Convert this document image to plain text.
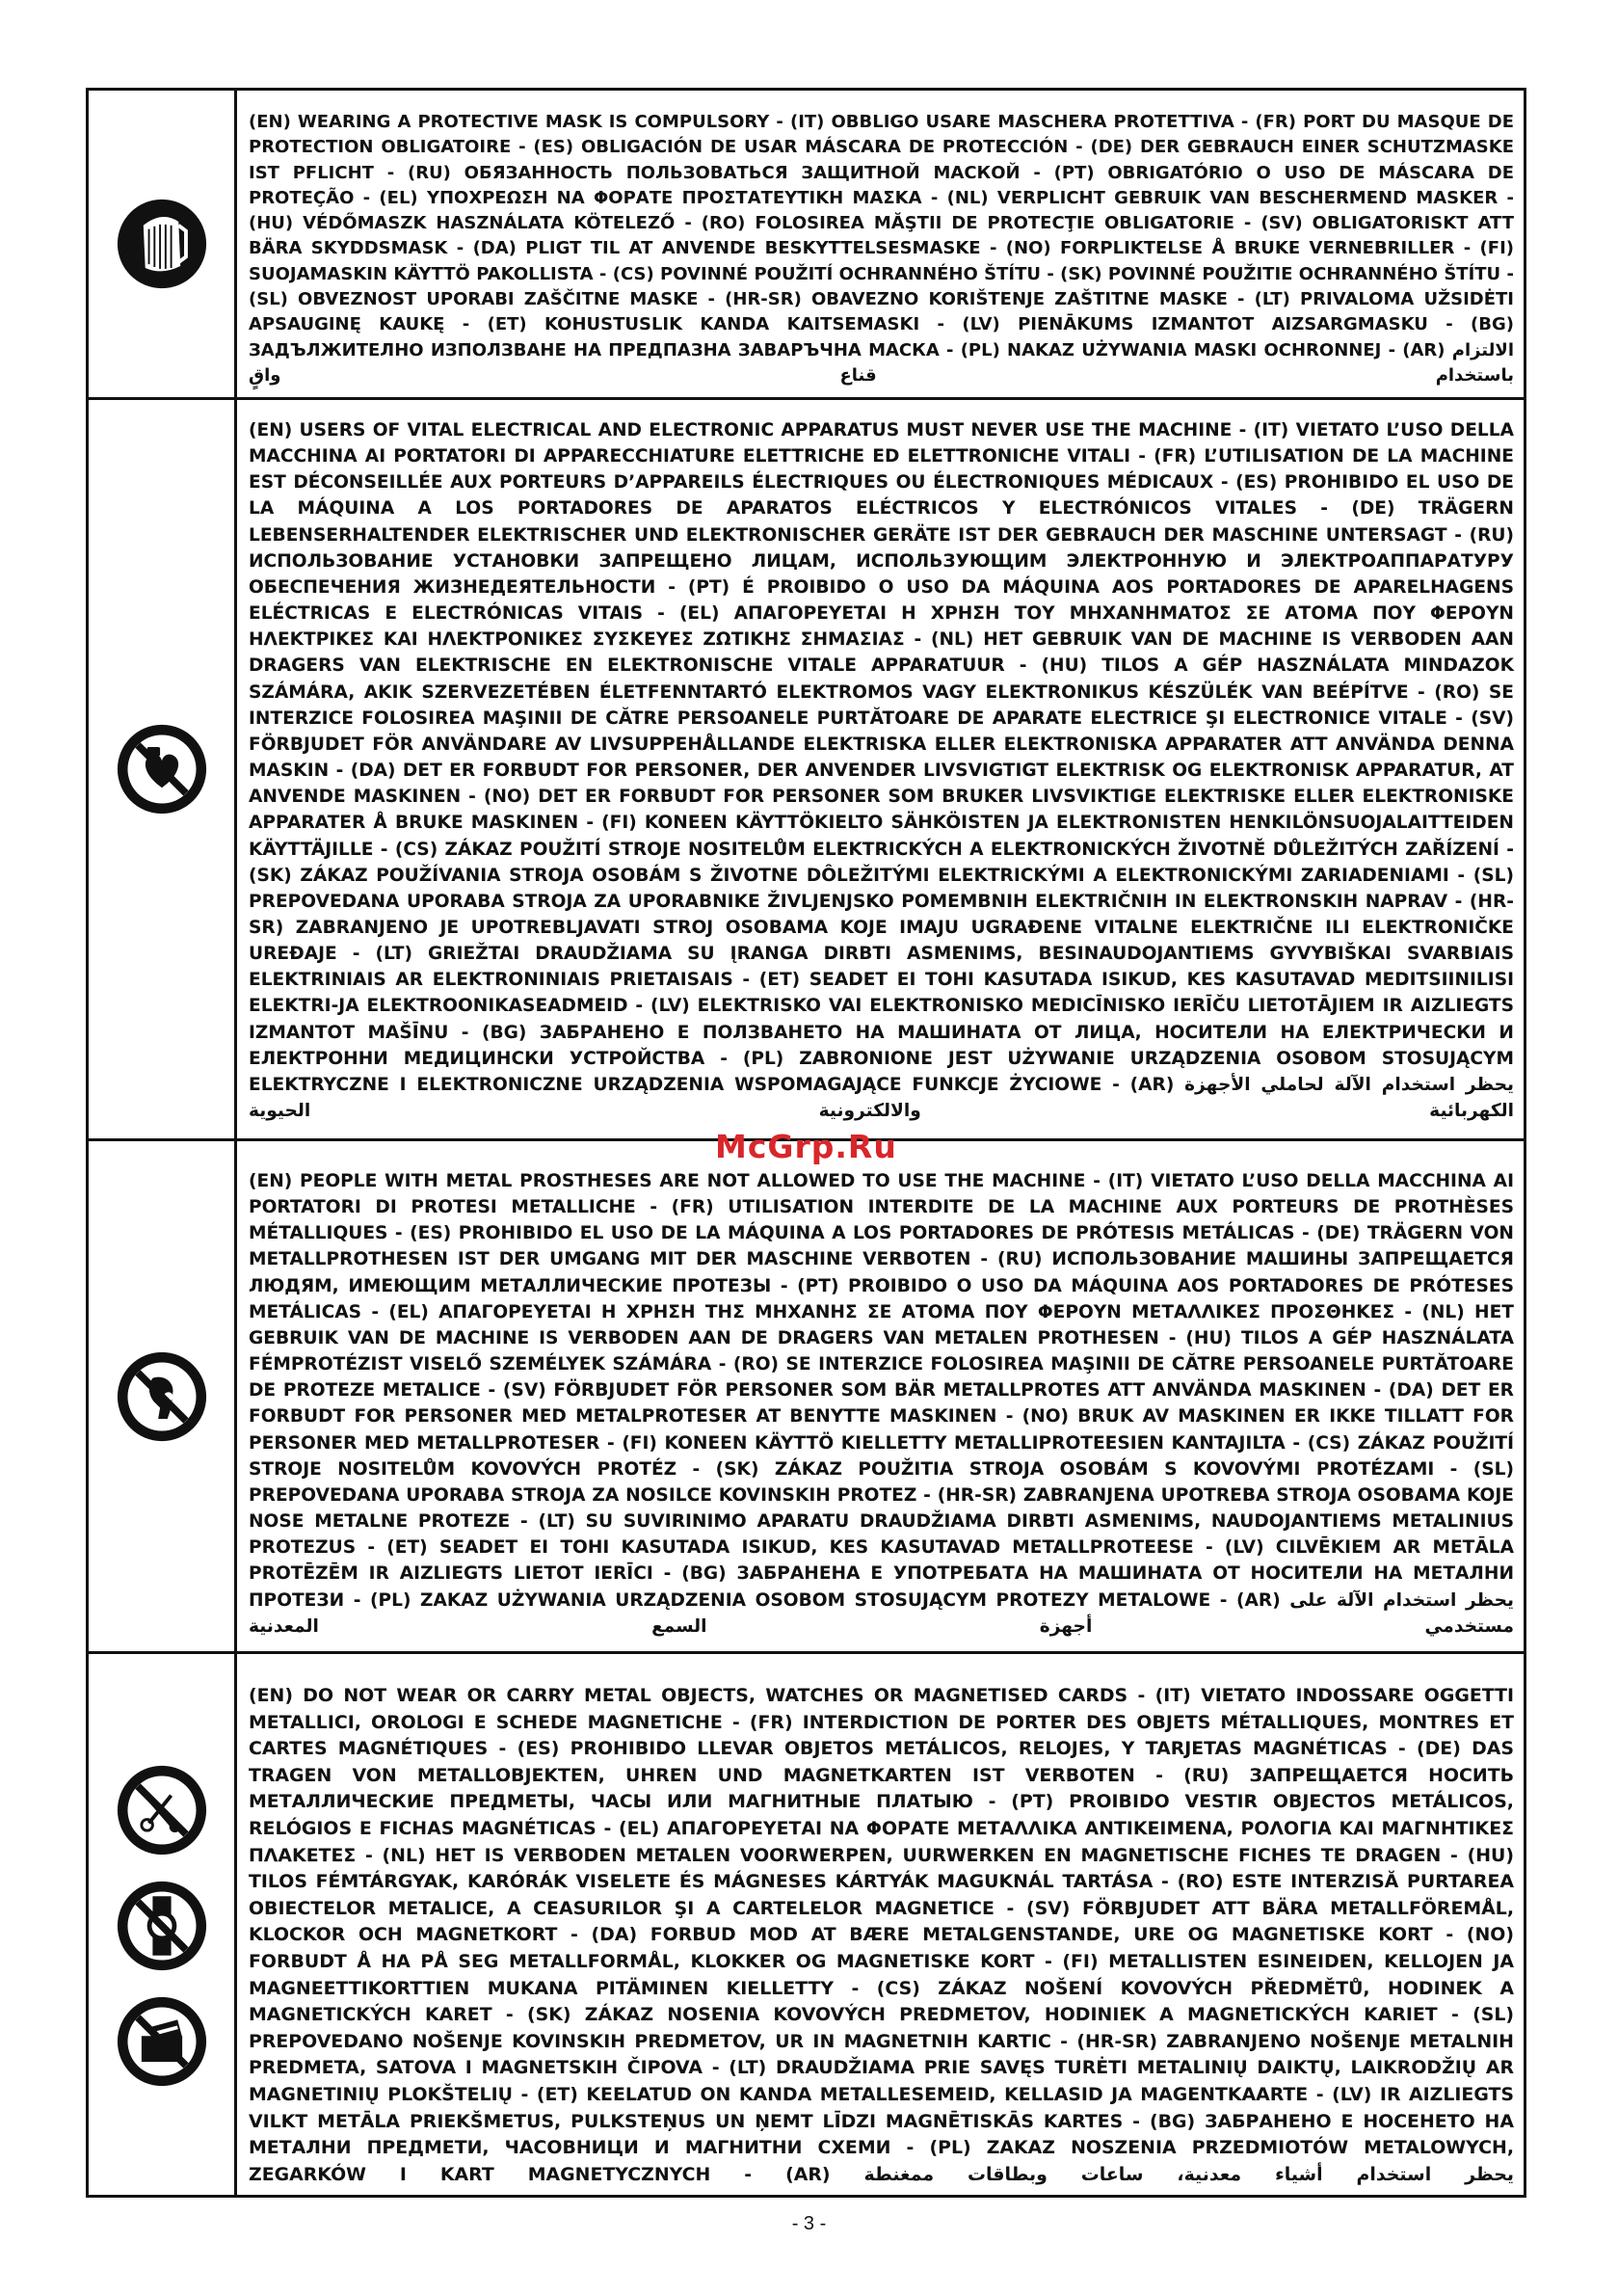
(EN) WEARING A PROTECTIVE MASK IS COMPULSORY - (IT) OBBLIGO USARE MASCHERA PROTETTIVA - (FR) PORT DU MASQUE DE PROTECTION OBLIGATOIRE - (ES) OBLIGACIÓN DE USAR MÁSCARA DE PROTECCIÓN - (DE) DER GEBRAUCH EINER SCHUTZMASKE IST PFLICHT - (RU) ОБЯЗАННОСТЬ ПОЛЬЗОВАТЬСЯ ЗАЩИТНОЙ МАСКОЙ - (PT) OBRIGATÓRIO O USO DE MÁSCARA DE PROTEÇÃO - (EL) ΥΠΟΧΡΕΩΣΗ ΝΑ ΦΟΡΑΤΕ ΠΡΟΣΤΑΤΕΥΤΙΚΗ ΜΑΣΚΑ - (NL) VERPLICHT GEBRUIK VAN BESCHERMEND MASKER - (HU) VÉDŐMASZK HASZNÁLATA KÖTELEZŐ - (RO) FOLOSIREA MĂŞTII DE PROTECŢIE OBLIGATORIE - (SV) OBLIGATORISKT ATT BÄRA SKYDDSMASK - (DA) PLIGT TIL AT ANVENDE BESKYTTELSESMASKE - (NO) FORPLIKTELSE Å BRUKE VERNEBRILLER - (FI) SUOJAMASKIN KÄYTTÖ PAKOLLISTA - (CS) POVINNÉ POUŽITÍ OCHRANNÉHO ŠTÍTU - (SK) POVINNÉ POUŽITIE OCHRANNÉHO ŠTÍTU - (SL) OBVEZNOST UPORABI ZAŠČITNE MASKE - (HR-SR) OBAVEZNO KORIŠTENJE ZAŠTITNE MASKE - (LT) PRIVALOMA UŽSIDĖTI APSAUGINĘ KAUKĘ - (ET) KOHUSTUSLIK KANDA KAITSEMASKI - (LV) PIENĀKUMS IZMANTOT AIZSARGMASKU - (BG) ЗАДЪЛЖИТЕЛНО ИЗПОЛЗВАНЕ НА ПРЕДПАЗНА ЗАВАРЪЧНА МАСКА - (PL) NAKAZ UŻYWANIA MASKI OCHRONNEJ - (AR) الالتزام باستخدام قناع واقٍ

(EN) USERS OF VITAL ELECTRICAL AND ELECTRONIC APPARATUS MUST NEVER USE THE MACHINE - (IT) VIETATO L’USO DELLA MACCHINA AI PORTATORI DI APPARECCHIATURE ELETTRICHE ED ELETTRONICHE VITALI - (FR) L’UTILISATION DE LA MACHINE EST DÉCONSEILLÉE AUX PORTEURS D’APPAREILS ÉLECTRIQUES OU ÉLECTRONIQUES MÉDICAUX - (ES) PROHIBIDO EL USO DE LA MÁQUINA A LOS PORTADORES DE APARATOS ELÉCTRICOS Y ELECTRÓNICOS VITALES - (DE) TRÄGERN LEBENSERHALTENDER ELEKTRISCHER UND ELEKTRONISCHER GERÄTE IST DER GEBRAUCH DER MASCHINE UNTERSAGT - (RU) ИСПОЛЬЗОВАНИЕ УСТАНОВКИ ЗАПРЕЩЕНО ЛИЦАМ, ИСПОЛЬЗУЮЩИМ ЭЛЕКТРОННУЮ И ЭЛЕКТРОАППАРАТУРУ ОБЕСПЕЧЕНИЯ ЖИЗНЕДЕЯТЕЛЬНОСТИ - (PT) É PROIBIDO O USO DA MÁQUINA AOS PORTADORES DE APARELHAGENS ELÉCTRICAS E ELECTRÓNICAS VITAIS - (EL) ΑΠΑΓΟΡΕΥΕΤΑΙ Η ΧΡΗΣΗ ΤΟΥ ΜΗΧΑΝΗΜΑΤΟΣ ΣΕ ΑΤΟΜΑ ΠΟΥ ΦΕΡΟΥΝ ΗΛΕΚΤΡΙΚΕΣ ΚΑΙ ΗΛΕΚΤΡΟΝΙΚΕΣ ΣΥΣΚΕΥΕΣ ΖΩΤΙΚΗΣ ΣΗΜΑΣΙΑΣ - (NL) HET GEBRUIK VAN DE MACHINE IS VERBODEN AAN DRAGERS VAN ELEKTRISCHE EN ELEKTRONISCHE VITALE APPARATUUR - (HU) TILOS A GÉP HASZNÁLATA MINDAZOK SZÁMÁRA, AKIK SZERVEZETÉBEN ÉLETFENNTARTÓ ELEKTROMOS VAGY ELEKTRONIKUS KÉSZÜLÉK VAN BEÉPÍTVE - (RO) SE INTERZICE FOLOSIREA MAŞINII DE CĂTRE PERSOANELE PURTĂTOARE DE APARATE ELECTRICE ŞI ELECTRONICE VITALE - (SV) FÖRBJUDET FÖR ANVÄNDARE AV LIVSUPPEHÅLLANDE ELEKTRISKA ELLER ELEKTRONISKA APPARATER ATT ANVÄNDA DENNA MASKIN - (DA) DET ER FORBUDT FOR PERSONER, DER ANVENDER LIVSVIGTIGT ELEKTRISK OG ELEKTRONISK APPARATUR, AT ANVENDE MASKINEN - (NO) DET ER FORBUDT FOR PERSONER SOM BRUKER LIVSVIKTIGE ELEKTRISKE ELLER ELEKTRONISKE APPARATER Å BRUKE MASKINEN - (FI) KONEEN KÄYTTÖKIELTO SÄHKÖISTEN JA ELEKTRONISTEN HENKILÖNSUOJALAITTEIDEN KÄYTTÄJILLE - (CS) ZÁKAZ POUŽITÍ STROJE NOSITELŮM ELEKTRICKÝCH A ELEKTRONICKÝCH ŽIVOTNĚ DŮLEŽITÝCH ZAŘÍZENÍ - (SK) ZÁKAZ POUŽÍVANIA STROJA OSOBÁM S ŽIVOTNE DÔLEŽITÝMI ELEKTRICKÝMI A ELEKTRONICKÝMI ZARIADENIAMI - (SL) PREPOVEDANA UPORABA STROJA ZA UPORABNIKE ŽIVLJENJSKO POMEMBNIH ELEKTRIČNIH IN ELEKTRONSKIH NAPRAV - (HR-SR) ZABRANJENO JE UPOTREBLJAVATI STROJ OSOBAMA KOJE IMAJU UGRAĐENE VITALNE ELEKTRIČNE ILI ELEKTRONIČKE UREĐAJE - (LT) GRIEŽTAI DRAUDŽIAMA SU ĮRANGA DIRBTI ASMENIMS, BESINAUDOJANTIEMS GYVYBIŠKAI SVARBIAIS ELEKTRINIAIS AR ELEKTRONINIAIS PRIETAISAIS - (ET) SEADET EI TOHI KASUTADA ISIKUD, KES KASUTAVAD MEDITSIINILISI ELEKTRI-JA ELEKTROONIKASEADMEID - (LV) ELEKTRISKO VAI ELEKTRONISKO MEDICĪNISKO IERĪČU LIETOTĀJIEM IR AIZLIEGTS IZMANTOT MAŠĪNU - (BG) ЗАБРАНЕНО Е ПОЛЗВАНЕТО НА МАШИНАТА ОТ ЛИЦА, НОСИТЕЛИ НА ЕЛЕКТРИЧЕСКИ И ЕЛЕКТРОННИ МЕДИЦИНСКИ УСТРОЙСТВА - (PL) ZABRONIONE JEST UŻYWANIE URZĄDZENIA OSOBOM STOSUJĄCYM ELEKTRYCZNE I ELEKTRONICZNE URZĄDZENIA WSPOMAGAJĄCE FUNKCJE ŻYCIOWE - (AR) يحظر استخدام الآلة لحاملي الأجهزة الكهربائية والالكترونية الحيوية

(EN) PEOPLE WITH METAL PROSTHESES ARE NOT ALLOWED TO USE THE MACHINE - (IT) VIETATO L’USO DELLA MACCHINA AI PORTATORI DI PROTESI METALLICHE - (FR) UTILISATION INTERDITE DE LA MACHINE AUX PORTEURS DE PROTHÈSES MÉTALLIQUES - (ES) PROHIBIDO EL USO DE LA MÁQUINA A LOS PORTADORES DE PRÓTESIS METÁLICAS - (DE) TRÄGERN VON METALLPROTHESEN IST DER UMGANG MIT DER MASCHINE VERBOTEN - (RU) ИСПОЛЬЗОВАНИЕ МАШИНЫ ЗАПРЕЩАЕТСЯ ЛЮДЯМ, ИМЕЮЩИМ МЕТАЛЛИЧЕСКИЕ ПРОТЕЗЫ - (PT) PROIBIDO O USO DA MÁQUINA AOS PORTADORES DE PRÓTESES METÁLICAS - (EL) ΑΠΑΓΟΡΕΥΕΤΑΙ Η ΧΡΗΣΗ ΤΗΣ ΜΗΧΑΝΗΣ ΣΕ ΑΤΟΜΑ ΠΟΥ ΦΕΡΟΥΝ ΜΕΤΑΛΛΙΚΕΣ ΠΡΟΣΘΗΚΕΣ - (NL) HET GEBRUIK VAN DE MACHINE IS VERBODEN AAN DE DRAGERS VAN METALEN PROTHESEN - (HU) TILOS A GÉP HASZNÁLATA FÉMPROTÉZIST VISELŐ SZEMÉLYEK SZÁMÁRA - (RO) SE INTERZICE FOLOSIREA MAŞINII DE CĂTRE PERSOANELE PURTĂTOARE DE PROTEZE METALICE - (SV) FÖRBJUDET FÖR PERSONER SOM BÄR METALLPROTES ATT ANVÄNDA MASKINEN - (DA) DET ER FORBUDT FOR PERSONER MED METALPROTESER AT BENYTTE MASKINEN - (NO) BRUK AV MASKINEN ER IKKE TILLATT FOR PERSONER MED METALLPROTESER - (FI) KONEEN KÄYTTÖ KIELLETTY METALLIPROTEESIEN KANTAJILTA - (CS) ZÁKAZ POUŽITÍ STROJE NOSITELŮM KOVOVÝCH PROTÉZ - (SK) ZÁKAZ POUŽITIA STROJA OSOBÁM S KOVOVÝMI PROTÉZAMI - (SL) PREPOVEDANA UPORABA STROJA ZA NOSILCE KOVINSKIH PROTEZ - (HR-SR) ZABRANJENA UPOTREBA STROJA OSOBAMA KOJE NOSE METALNE PROTEZE - (LT) SU SUVIRINIMO APARATU DRAUDŽIAMA DIRBTI ASMENIMS, NAUDOJANTIEMS METALINIUS PROTEZUS - (ET) SEADET EI TOHI KASUTADA ISIKUD, KES KASUTAVAD METALLPROTEESE - (LV) CILVĒKIEM AR METĀLA PROTĒZĒM IR AIZLIEGTS LIETOT IERĪCI - (BG) ЗАБРАНЕНА Е УПОТРЕБАТА НА МАШИНАТА ОТ НОСИТЕЛИ НА МЕТАЛНИ ПРОТЕЗИ - (PL) ZAKAZ UŻYWANIA URZĄDZENIA OSOBOM STOSUJĄCYM PROTEZY METALOWE - (AR) يحظر استخدام الآلة على مستخدمي أجهزة السمع المعدنية

(EN) DO NOT WEAR OR CARRY METAL OBJECTS, WATCHES OR MAGNETISED CARDS - (IT) VIETATO INDOSSARE OGGETTI METALLICI, OROLOGI E SCHEDE MAGNETICHE - (FR) INTERDICTION DE PORTER DES OBJETS MÉTALLIQUES, MONTRES ET CARTES MAGNÉTIQUES - (ES) PROHIBIDO LLEVAR OBJETOS METÁLICOS, RELOJES, Y TARJETAS MAGNÉTICAS - (DE) DAS TRAGEN VON METALLOBJEKTEN, UHREN UND MAGNETKARTEN IST VERBOTEN - (RU) ЗАПРЕЩАЕТСЯ НОСИТЬ МЕТАЛЛИЧЕСКИЕ ПРЕДМЕТЫ, ЧАСЫ ИЛИ МАГНИТНЫЕ ПЛАТЫЮ - (PT) PROIBIDO VESTIR OBJECTOS METÁLICOS, RELÓGIOS E FICHAS MAGNÉTICAS - (EL) ΑΠΑΓΟΡΕΥΕΤΑΙ ΝΑ ΦΟΡΑΤΕ ΜΕΤΑΛΛΙΚΑ ΑΝΤΙΚΕΙΜΕΝΑ, ΡΟΛΟΓΙΑ ΚΑΙ ΜΑΓΝΗΤΙΚΕΣ ΠΛΑΚΕΤΕΣ - (NL) HET IS VERBODEN METALEN VOORWERPEN, UURWERKEN EN MAGNETISCHE FICHES TE DRAGEN - (HU) TILOS FÉMTÁRGYAK, KARÓRÁK VISELETE ÉS MÁGNESES KÁRTYÁK MAGUKNÁL TARTÁSA - (RO) ESTE INTERZISĂ PURTAREA OBIECTELOR METALICE, A CEASURILOR ŞI A CARTELELOR MAGNETICE - (SV) FÖRBJUDET ATT BÄRA METALLFÖREMÅL, KLOCKOR OCH MAGNETKORT - (DA) FORBUD MOD AT BÆRE METALGENSTANDE, URE OG MAGNETISKE KORT - (NO) FORBUDT Å HA PÅ SEG METALLFORMÅL, KLOKKER OG MAGNETISKE KORT - (FI) METALLISTEN ESINEIDEN, KELLOJEN JA MAGNEETTIKORTTIEN MUKANA PITÄMINEN KIELLETTY - (CS) ZÁKAZ NOŠENÍ KOVOVÝCH PŘEDMĚTŮ, HODINEK A MAGNETICKÝCH KARET - (SK) ZÁKAZ NOSENIA KOVOVÝCH PREDMETOV, HODINIEK A MAGNETICKÝCH KARIET - (SL) PREPOVEDANO NOŠENJE KOVINSKIH PREDMETOV, UR IN MAGNETNIH KARTIC - (HR-SR) ZABRANJENO NOŠENJE METALNIH PREDMETA, SATOVA I MAGNETSKIH ČIPOVA - (LT) DRAUDŽIAMA PRIE SAVĘS TURĖTI METALINIŲ DAIKTŲ, LAIKRODŽIŲ AR MAGNETINIŲ PLOKŠTELIŲ - (ET) KEELATUD ON KANDA METALLESEMEID, KELLASID JA MAGENTKAARTE - (LV) IR AIZLIEGTS VILKT METĀLA PRIEKŠMETUS, PULKSTEŅUS UN ŅEMT LĪDZI MAGNĒTISKĀS KARTES - (BG) ЗАБРАНЕНО Е НОСЕНЕТО НА МЕТАЛНИ ПРЕДМЕТИ, ЧАСОВНИЦИ И МАГНИТНИ СХЕМИ - (PL) ZAKAZ NOSZENIA PRZEDMIOTÓW METALOWYCH, ZEGARKÓW I KART MAGNETYCZNYCH - (AR) يحظر استخدام أشياء معدنية، ساعات وبطاقات ممغنطة

McGrp.Ru
- 3 -
